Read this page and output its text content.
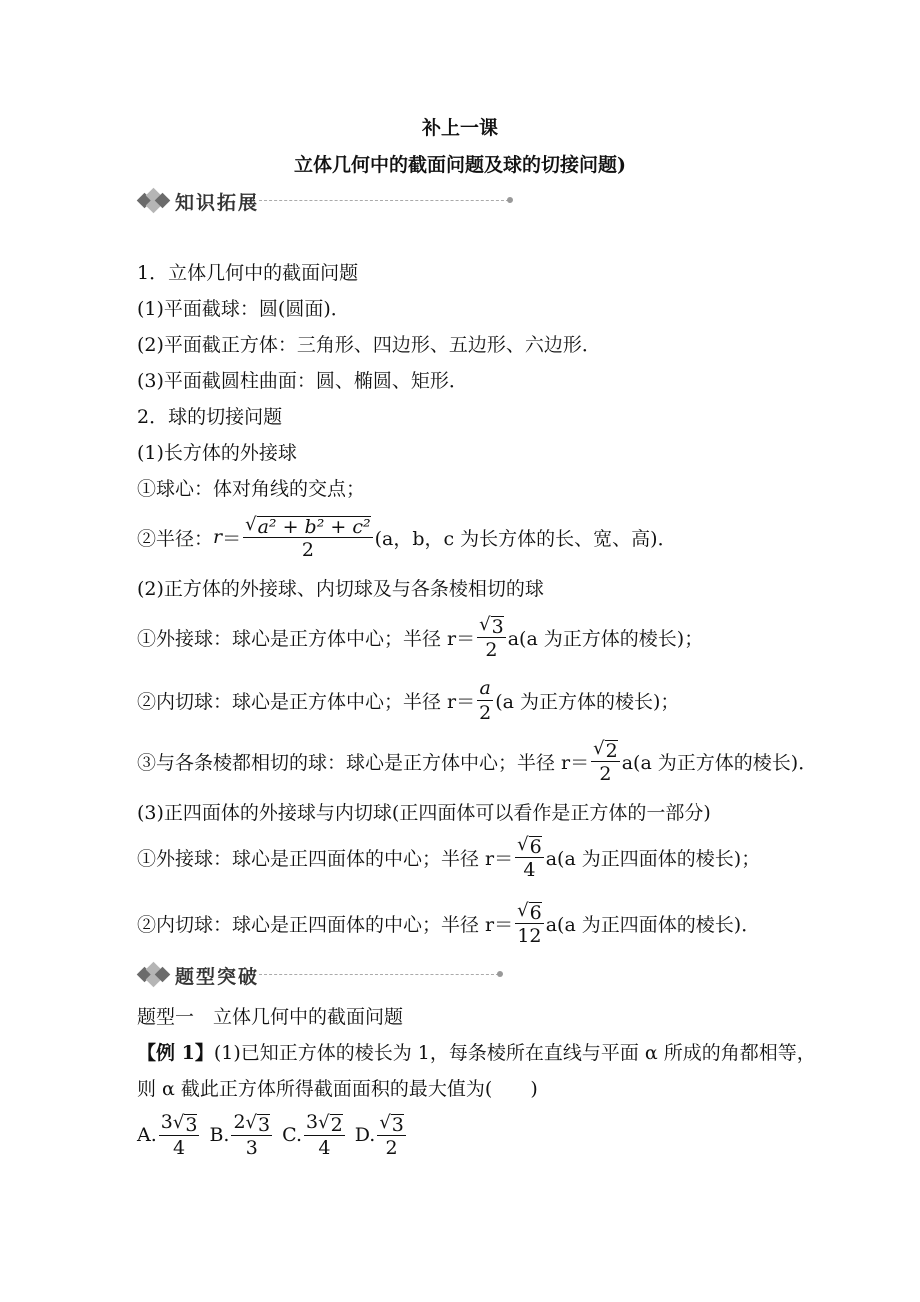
补上一课
立体几何中的截面问题及球的切接问题)
知识拓展
1．立体几何中的截面问题
(1)平面截球：圆(圆面)．
(2)平面截正方体：三角形、四边形、五边形、六边形．
(3)平面截圆柱曲面：圆、椭圆、矩形．
2．球的切接问题
(1)长方体的外接球
①球心：体对角线的交点；
②半径： $r = \frac{\text{√ a² + b² + c²}}{2} (a$，b，c 为长方体的长、宽、高)．
(2)正方体的外接球、内切球及与各条棱相切的球
①外接球：球心是正方体中心；半径 $r= \frac{√ 3}{2} a(a$ 为正方体的棱长)；
②内切球：球心是正方体中心；半径 $r= \frac{a}{2} (a$ 为正方体的棱长)；
③与各条棱都相切的球：球心是正方体中心；半径 $r= \frac{√ 2}{2} a(a$ 为正方体的棱长)．
(3)正四面体的外接球与内切球(正四面体可以看作是正方体的一部分)
①外接球：球心是正四面体的中心；半径 $r= \frac{√ 6}{4} a(a$ 为正四面体的棱长)；
②内切球：球心是正四面体的中心；半径 $r= \frac{√ 6}{12} a(a$ 为正四面体的棱长)．
题型突破
题型一　立体几何中的截面问题
【例 1】 (1)已知正方体的棱长为 1，每条棱所在直线与平面 α 所成的角都相等，
则 α 截此正方体所得截面面积的最大值为(　　)
A. $\frac{3 √ 3}{4} B$. $\frac{2 √ 3}{3} C$. $\frac{3 √ 2}{4} D$. $\frac{√ 3}{2}$
